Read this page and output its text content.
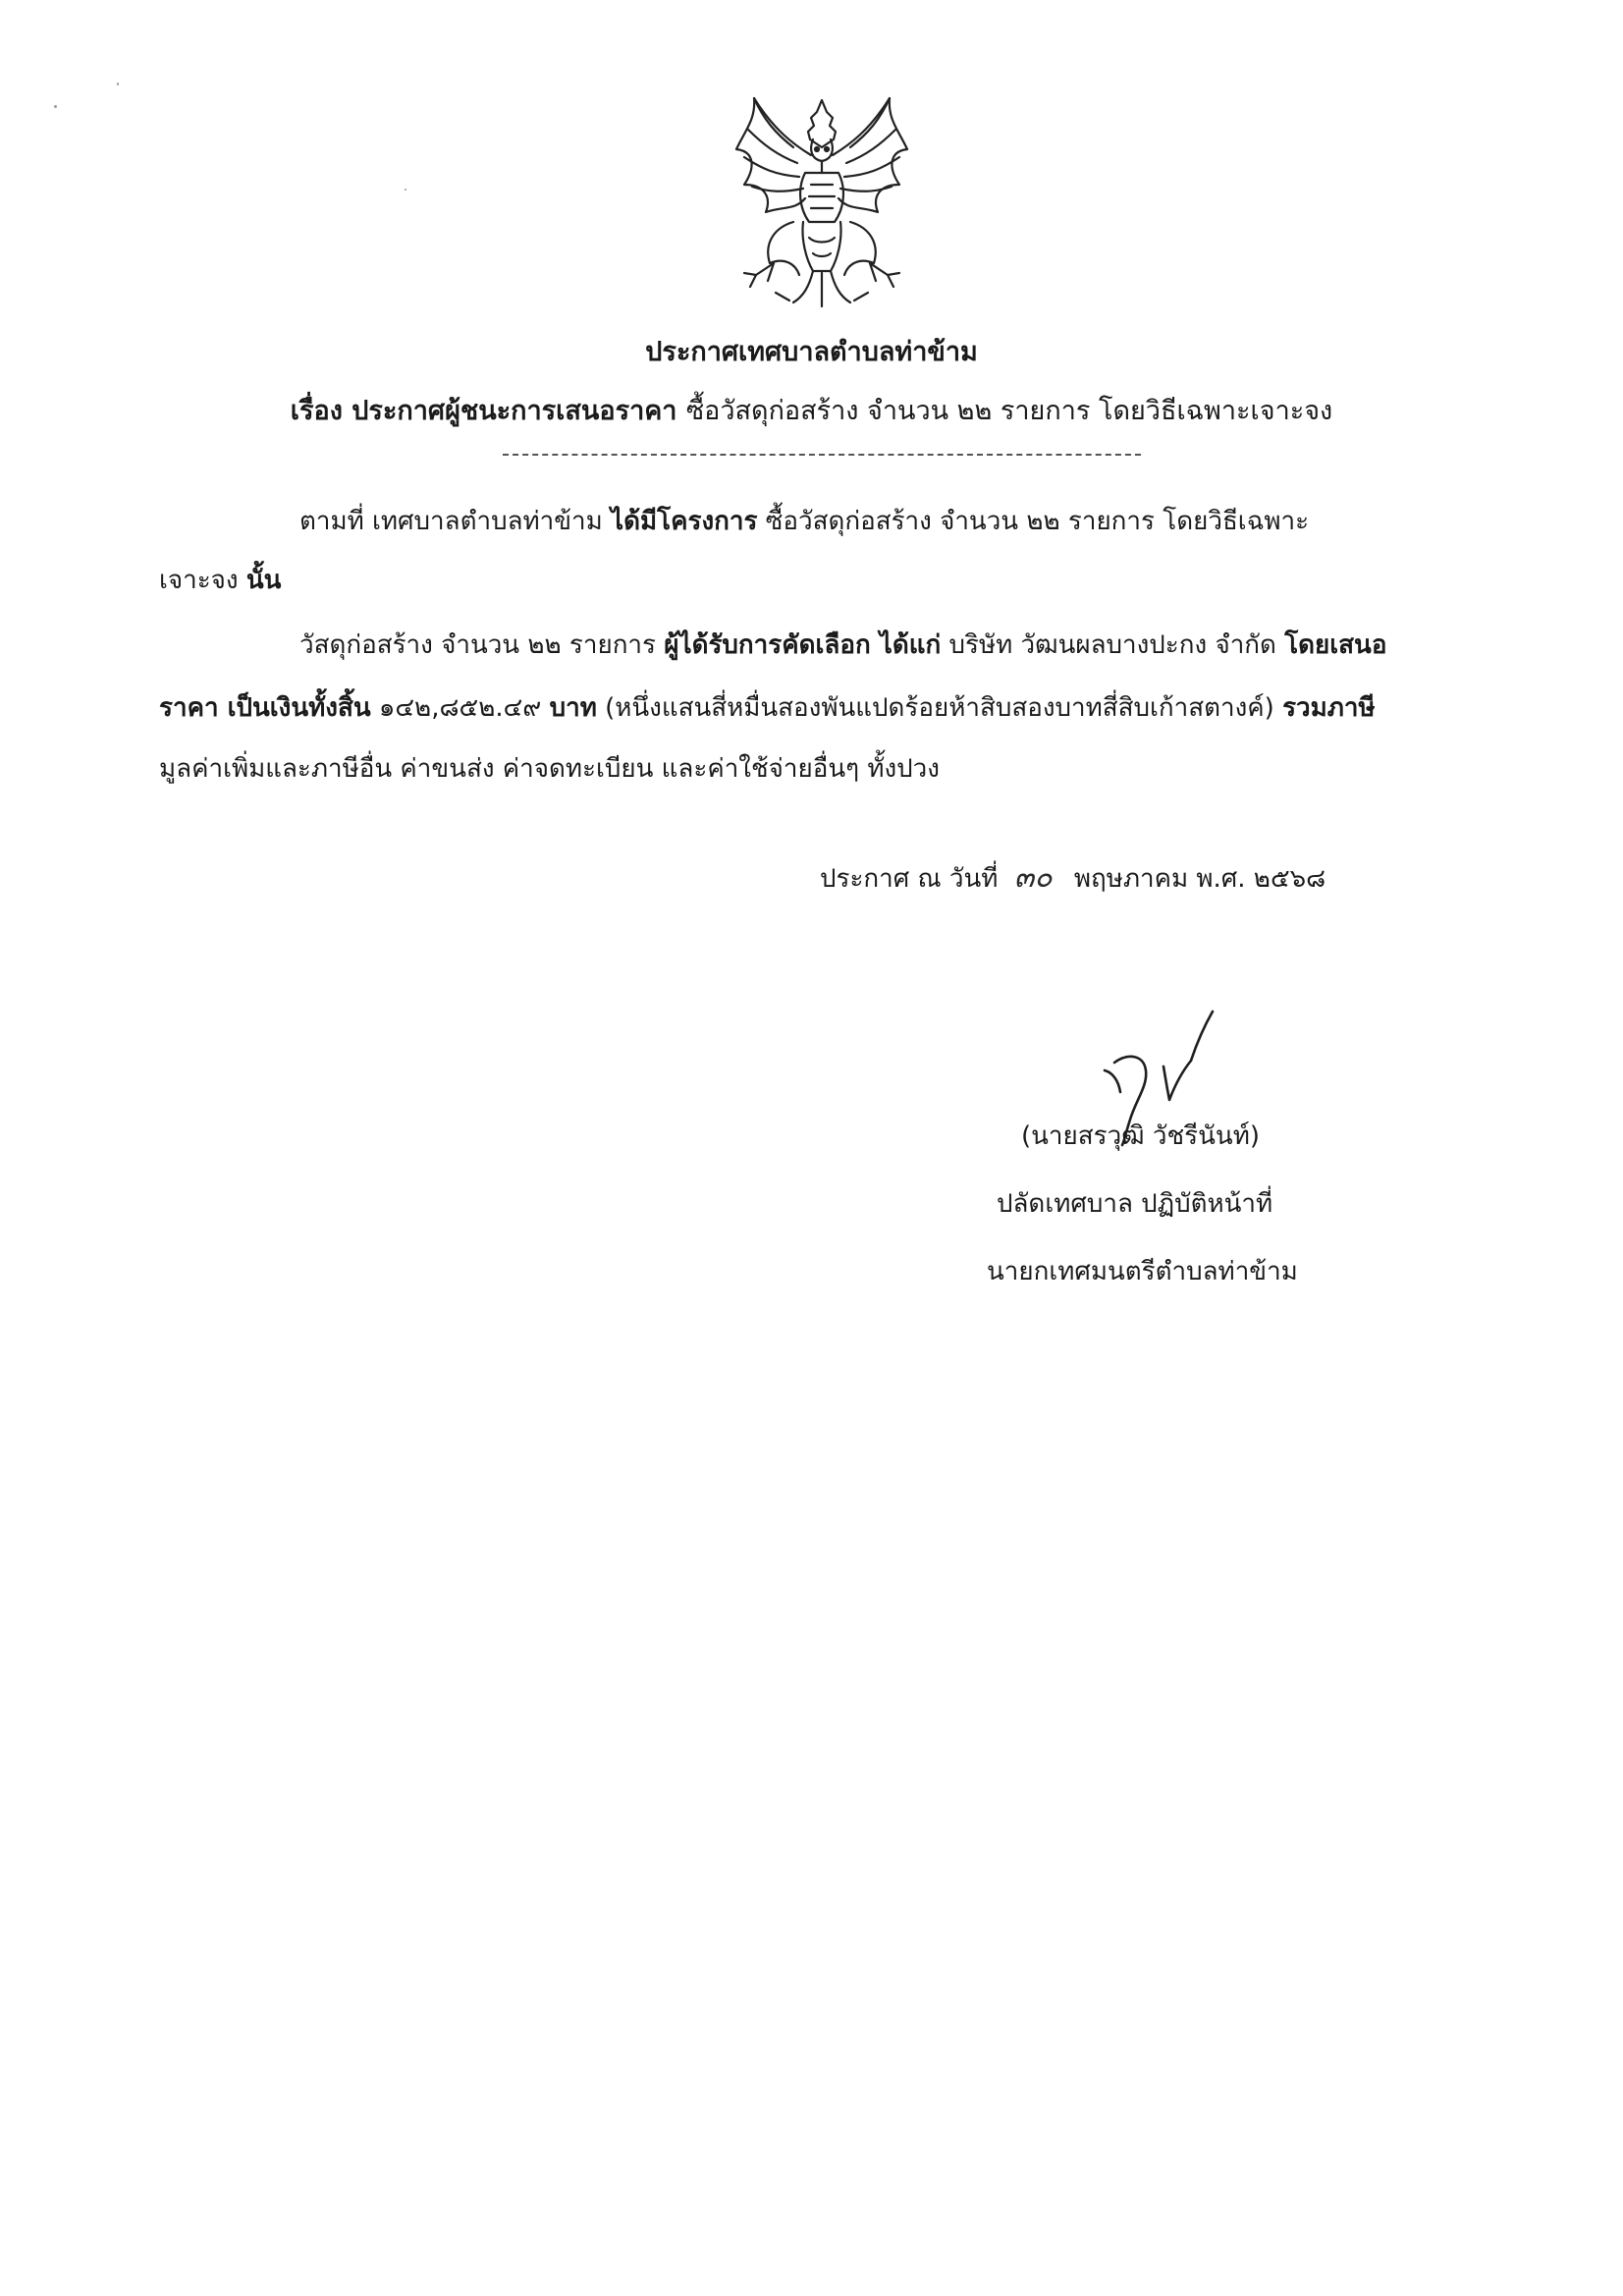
ประกาศเทศบาลตำบลท่าข้าม
เรื่อง ประกาศผู้ชนะการเสนอราคา ซื้อวัสดุก่อสร้าง จำนวน ๒๒ รายการ โดยวิธีเฉพาะเจาะจง
ตามที่ เทศบาลตำบลท่าข้าม ได้มีโครงการ ซื้อวัสดุก่อสร้าง จำนวน ๒๒ รายการ โดยวิธีเฉพาะ
เจาะจง นั้น
วัสดุก่อสร้าง จำนวน ๒๒ รายการ ผู้ได้รับการคัดเลือก ได้แก่ บริษัท วัฒนผลบางปะกง จำกัด โดยเสนอ
ราคา เป็นเงินทั้งสิ้น ๑๔๒,๘๕๒.๔๙ บาท (หนึ่งแสนสี่หมื่นสองพันแปดร้อยห้าสิบสองบาทสี่สิบเก้าสตางค์) รวมภาษี
มูลค่าเพิ่มและภาษีอื่น ค่าขนส่ง ค่าจดทะเบียน และค่าใช้จ่ายอื่นๆ ทั้งปวง
ประกาศ ณ วันที่ ๓๐ พฤษภาคม พ.ศ. ๒๕๖๘
(นายสรวุฒิ วัชรีนันท์)
ปลัดเทศบาล ปฏิบัติหน้าที่
นายกเทศมนตรีตำบลท่าข้าม
